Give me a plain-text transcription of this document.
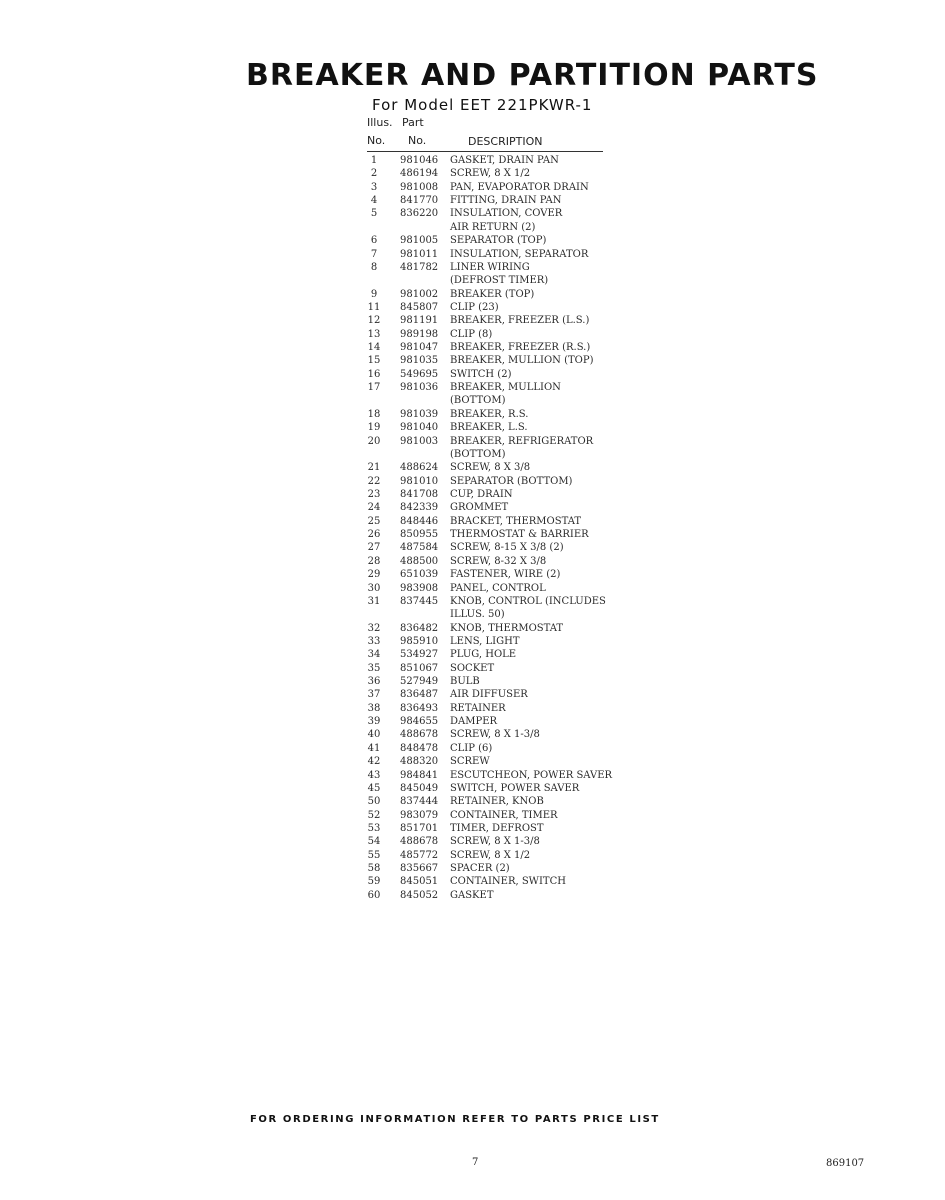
BREAKER AND PARTITION PARTS
For Model EET 221PKWR-1
Illus. Part
No. No.	DESCRIPTION
1	981046 GASKET, DRAIN PAN
2	486194 SCREW, 8 X 1/2
3	981008 PAN, EVAPORATOR DRAIN
4	841770 FITTING, DRAIN PAN
5	836220 INSULATION, COVER
AIR RETURN (2)
6	981005 SEPARATOR (TOP)
7	981011 INSULATION, SEPARATOR
8	481782 LINER WIRING
(DEFROST TIMER)
9	981002 BREAKER (TOP)
11	845807 CLIP (23)
12	981191 BREAKER, FREEZER (L.S.)
13	989198 CLIP (8)
14	981047 BREAKER, FREEZER (R.S.)
15	981035 BREAKER, MULLION (TOP)
16	549695 SWITCH (2)
17	981036 BREAKER, MULLION
(BOTTOM)
18	981039 BREAKER, R.S.
19	981040 BREAKER, L.S.
20	981003 BREAKER, REFRIGERATOR
(BOTTOM)
21	488624 SCREW, 8 X 3/8
22	981010 SEPARATOR (BOTTOM)
23	841708 CUP, DRAIN
24	842339 GROMMET
25	848446 BRACKET, THERMOSTAT
26	850955 THERMOSTAT & BARRIER
27	487584 SCREW, 8-15 X 3/8 (2)
28	488500 SCREW, 8-32 X 3/8
29	651039 FASTENER, WIRE (2)
30	983908 PANEL, CONTROL
31	837445 KNOB, CONTROL (INCLUDES
ILLUS. 50)
32	836482 KNOB, THERMOSTAT
33	985910 LENS, LIGHT
34	534927 PLUG, HOLE
35	851067 SOCKET
36	527949 BULB
37	836487 AIR DIFFUSER
38	836493 RETAINER
39	984655 DAMPER
40	488678 SCREW, 8 X 1-3/8
41	848478 CLIP (6)
42	488320 SCREW
43	984841 ESCUTCHEON, POWER SAVER
45	845049 SWITCH, POWER SAVER
50	837444 RETAINER, KNOB
52	983079 CONTAINER, TIMER
53	851701 TIMER, DEFROST
54	488678 SCREW, 8 X 1-3/8
55	485772 SCREW, 8 X 1/2
58	835667 SPACER (2)
59	845051 CONTAINER, SWITCH
60	845052 GASKET
FOR ORDERING INFORMATION REFER TO PARTS PRICE LIST
7	869107
